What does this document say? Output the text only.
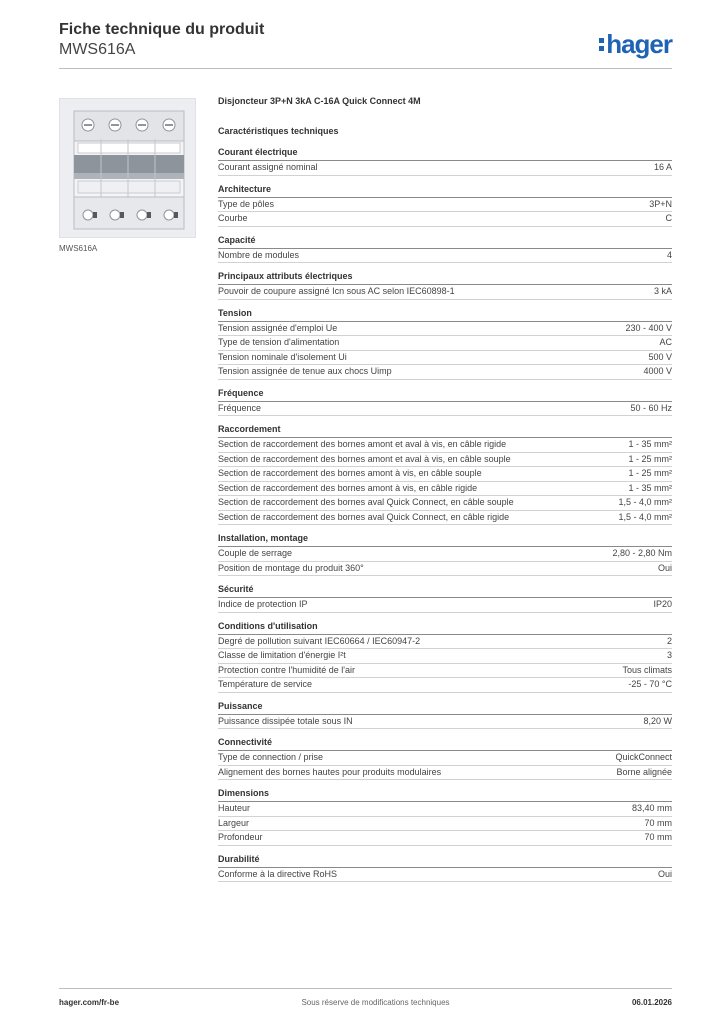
Fiche technique du produit
MWS616A	hager
MWS616A
Disjoncteur 3P+N 3kA C-16A Quick Connect 4M
Caractéristiques techniques
Courant électrique
Courant assigné nominal	16 A
Architecture
Type de pôles	3P+N
Courbe	C
Capacité
Nombre de modules	4
Principaux attributs électriques
Pouvoir de coupure assigné Icn sous AC selon IEC60898-1	3 kA
Tension
Tension assignée d'emploi Ue	230 - 400 V
Type de tension d'alimentation	AC
Tension nominale d'isolement Ui	500 V
Tension assignée de tenue aux chocs Uimp	4000 V
Fréquence
Fréquence	50 - 60 Hz
Raccordement
Section de raccordement des bornes amont et aval à vis, en câble rigide	1 - 35 mm²
Section de raccordement des bornes amont et aval à vis, en câble souple	1 - 25 mm²
Section de raccordement des bornes amont à vis, en câble souple	1 - 25 mm²
Section de raccordement des bornes amont à vis, en câble rigide	1 - 35 mm²
Section de raccordement des bornes aval Quick Connect, en câble souple	1,5 - 4,0 mm²
Section de raccordement des bornes aval Quick Connect, en câble rigide	1,5 - 4,0 mm²
Installation, montage
Couple de serrage	2,80 - 2,80 Nm
Position de montage du produit 360°	Oui
Sécurité
Indice de protection IP	IP20
Conditions d'utilisation
Degré de pollution suivant IEC60664 / IEC60947-2	2
Classe de limitation d'énergie I²t	3
Protection contre l'humidité de l'air	Tous climats
Température de service	-25 - 70 °C
Puissance
Puissance dissipée totale sous IN	8,20 W
Connectivité
Type de connection / prise	QuickConnect
Alignement des bornes hautes pour produits modulaires	Borne alignée
Dimensions
Hauteur	83,40 mm
Largeur	70 mm
Profondeur	70 mm
Durabilité
Conforme à la directive RoHS	Oui
hager.com/fr-be	Sous réserve de modifications techniques	06.01.2026
